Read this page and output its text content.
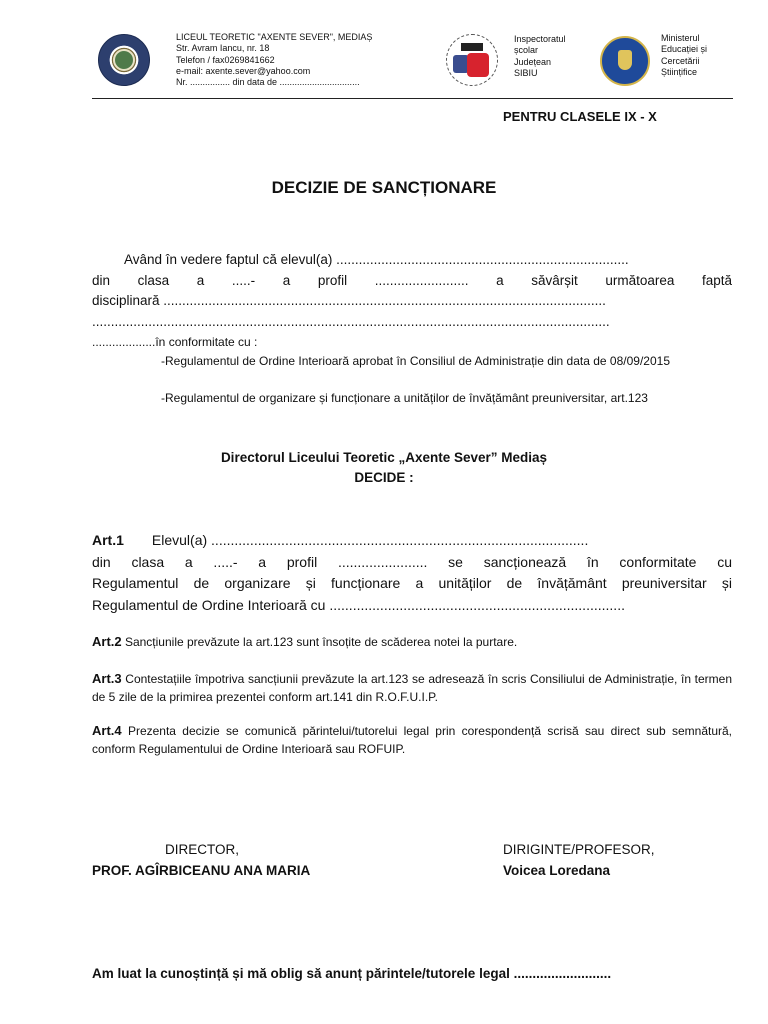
LICEUL TEORETIC "AXENTE SEVER", MEDIAȘ
Str. Avram Iancu, nr. 18
Telefon / fax0269841662
e-mail: axente.sever@yahoo.com
Nr. ................ din data de ................................
Inspectoratul
școlar
Județean
SIBIU
Ministerul
Educației și
Cercetării
Științifice
PENTRU CLASELE IX - X
DECIZIE DE SANCȚIONARE
Având în vedere faptul că elevul(a) ..............................................................................
din clasa a .....- a profil ......................... a săvârșit următoarea faptă
disciplinară ......................................................................................................................
..........................................................................................................................................
...................în conformitate cu :
-Regulamentul de Ordine Interioară aprobat în Consiliul de Administrație din data de 08/09/2015
-Regulamentul de organizare și funcționare a unităților de învățământ preuniversitar, art.123
Directorul Liceului Teoretic „Axente Sever” Mediaș
DECIDE :
Art.1 Elevul(a) .................................................................................................
din clasa a .....- a profil ....................... se sancționează în conformitate cu
Regulamentul de organizare și funcționare a unităților de învățământ preuniversitar și
Regulamentul de Ordine Interioară cu ............................................................................
Art.2 Sancțiunile prevăzute la art.123 sunt însoțite de scăderea notei la purtare.
Art.3 Contestațiile împotriva sancțiunii prevăzute la art.123 se adresează în scris Consiliului de Administrație, în termen de 5 zile de la primirea prezentei conform art.141 din R.O.F.U.I.P.
Art.4 Prezenta decizie se comunică părintelui/tutorelui legal prin corespondență scrisă sau direct sub semnătură, conform Regulamentului de Ordine Interioară sau ROFUIP.
DIRECTOR,
PROF. AGÎRBICEANU ANA MARIA
DIRIGINTE/PROFESOR,
Voicea Loredana
Am luat la cunoștință și mă oblig să anunț părintele/tutorele legal ..........................
